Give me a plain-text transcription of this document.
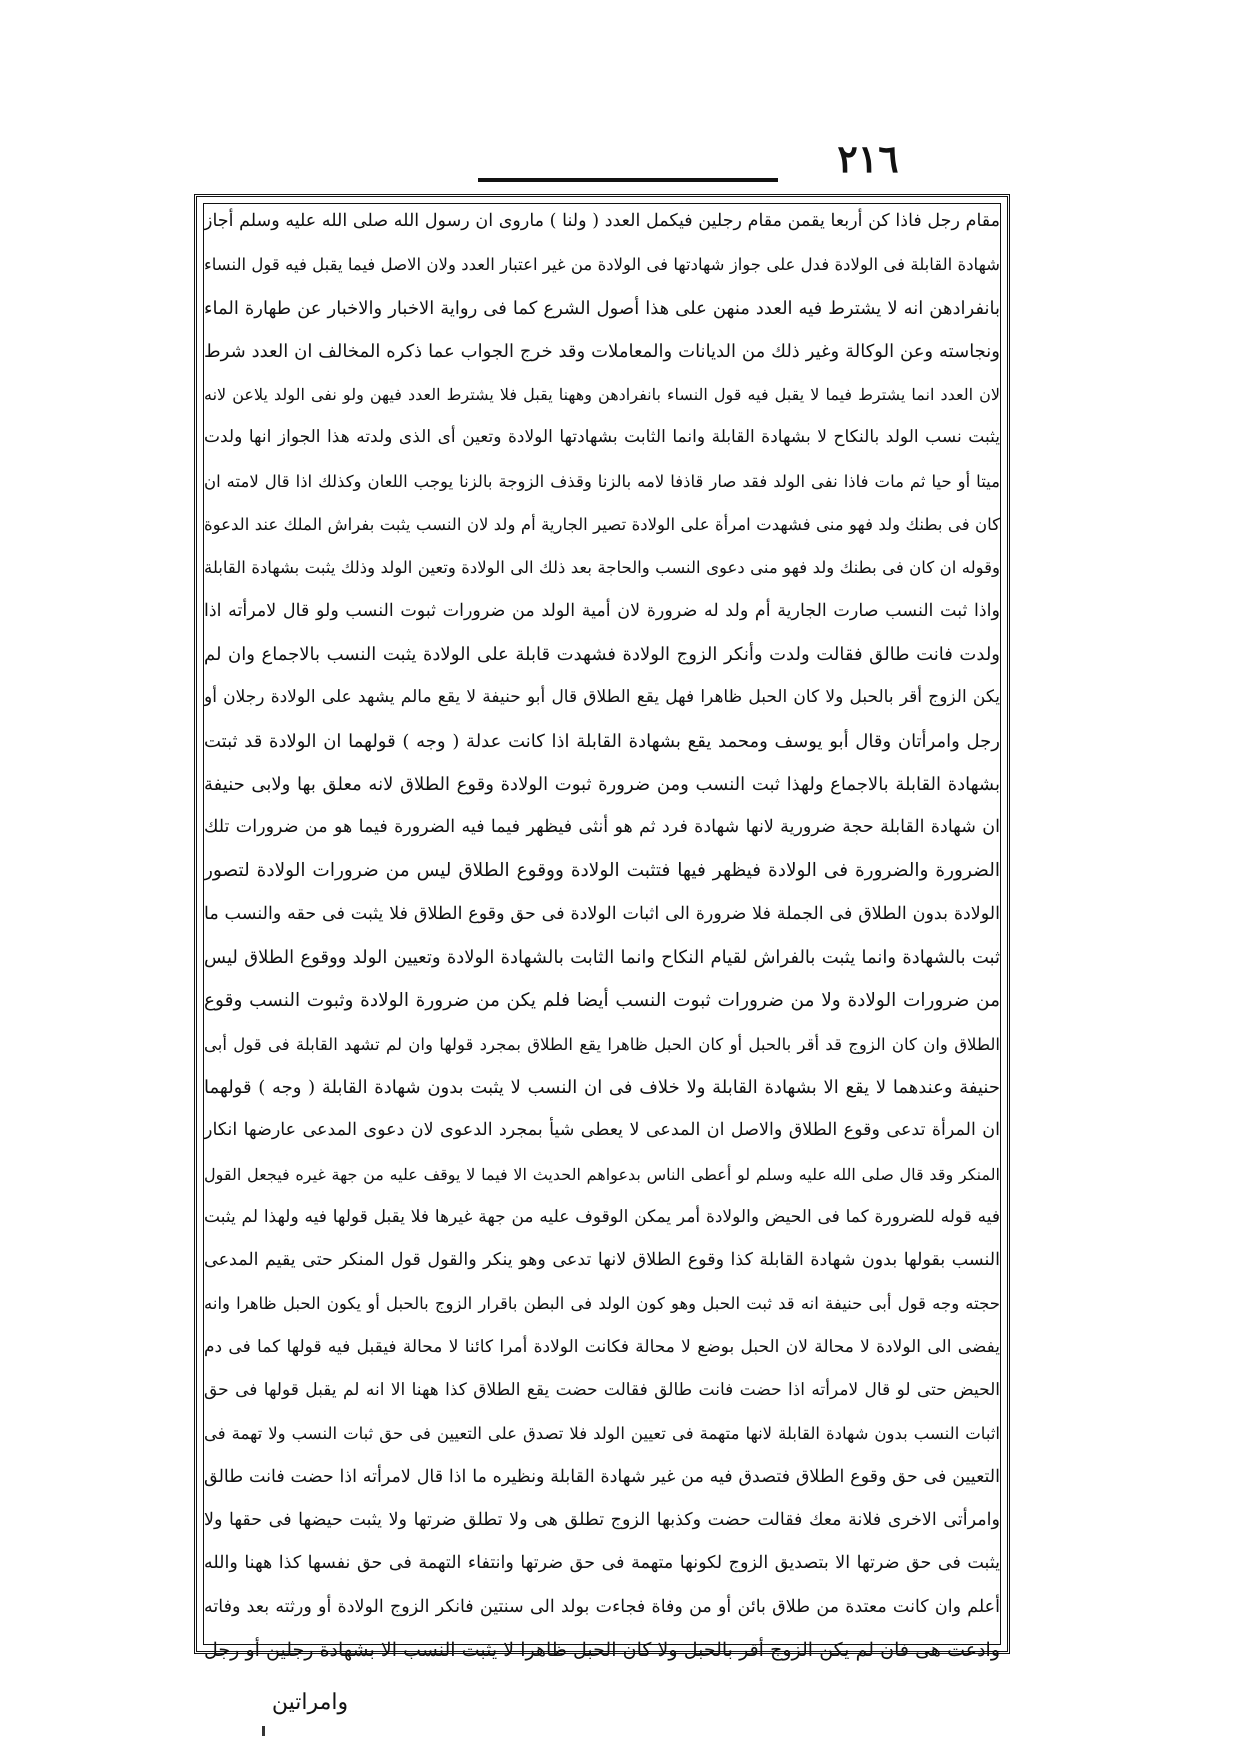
٢١٦
مقام رجل فاذا كن أربعا يقمن مقام رجلين فيكمل العدد ( ولنا ) ماروى ان رسول الله صلى الله عليه وسلم أجاز
شهادة القابلة فى الولادة فدل على جواز شهادتها فى الولادة من غير اعتبار العدد ولان الاصل فيما يقبل فيه قول النساء
بانفرادهن انه لا يشترط فيه العدد منهن على هذا أصول الشرع كما فى رواية الاخبار والاخبار عن طهارة الماء
ونجاسته وعن الوكالة وغير ذلك من الديانات والمعاملات وقد خرج الجواب عما ذكره المخالف ان العدد شرط
لان العدد انما يشترط فيما لا يقبل فيه قول النساء بانفرادهن وههنا يقبل فلا يشترط العدد فيهن ولو نفى الولد يلاعن لانه
يثبت نسب الولد بالنكاح لا بشهادة القابلة وانما الثابت بشهادتها الولادة وتعين أى الذى ولدته هذا الجواز انها ولدت
ميتا أو حيا ثم مات فاذا نفى الولد فقد صار قاذفا لامه بالزنا وقذف الزوجة بالزنا يوجب اللعان وكذلك اذا قال لامته ان
كان فى بطنك ولد فهو منى فشهدت امرأة على الولادة تصير الجارية أم ولد لان النسب يثبت بفراش الملك عند الدعوة
وقوله ان كان فى بطنك ولد فهو منى دعوى النسب والحاجة بعد ذلك الى الولادة وتعين الولد وذلك يثبت بشهادة القابلة
واذا ثبت النسب صارت الجارية أم ولد له ضرورة لان أمية الولد من ضرورات ثبوت النسب ولو قال لامرأته اذا
ولدت فانت طالق فقالت ولدت وأنكر الزوج الولادة فشهدت قابلة على الولادة يثبت النسب بالاجماع وان لم
يكن الزوج أقر بالحبل ولا كان الحبل ظاهرا فهل يقع الطلاق قال أبو حنيفة لا يقع مالم يشهد على الولادة رجلان أو
رجل وامرأتان وقال أبو يوسف ومحمد يقع بشهادة القابلة اذا كانت عدلة ( وجه ) قولهما ان الولادة قد ثبتت
بشهادة القابلة بالاجماع ولهذا ثبت النسب ومن ضرورة ثبوت الولادة وقوع الطلاق لانه معلق بها ولابى حنيفة
ان شهادة القابلة حجة ضرورية لانها شهادة فرد ثم هو أنثى فيظهر فيما فيه الضرورة فيما هو من ضرورات تلك
الضرورة والضرورة فى الولادة فيظهر فيها فتثبت الولادة ووقوع الطلاق ليس من ضرورات الولادة لتصور
الولادة بدون الطلاق فى الجملة فلا ضرورة الى اثبات الولادة فى حق وقوع الطلاق فلا يثبت فى حقه والنسب ما
ثبت بالشهادة وانما يثبت بالفراش لقيام النكاح وانما الثابت بالشهادة الولادة وتعيين الولد ووقوع الطلاق ليس
من ضرورات الولادة ولا من ضرورات ثبوت النسب أيضا فلم يكن من ضرورة الولادة وثبوت النسب وقوع
الطلاق وان كان الزوج قد أقر بالحبل أو كان الحبل ظاهرا يقع الطلاق بمجرد قولها وان لم تشهد القابلة فى قول أبى
حنيفة وعندهما لا يقع الا بشهادة القابلة ولا خلاف فى ان النسب لا يثبت بدون شهادة القابلة ( وجه ) قولهما
ان المرأة تدعى وقوع الطلاق والاصل ان المدعى لا يعطى شيأ بمجرد الدعوى لان دعوى المدعى عارضها انكار
المنكر وقد قال صلى الله عليه وسلم لو أعطى الناس بدعواهم الحديث الا فيما لا يوقف عليه من جهة غيره فيجعل القول
فيه قوله للضرورة كما فى الحيض والولادة أمر يمكن الوقوف عليه من جهة غيرها فلا يقبل قولها فيه ولهذا لم يثبت
النسب بقولها بدون شهادة القابلة كذا وقوع الطلاق لانها تدعى وهو ينكر والقول قول المنكر حتى يقيم المدعى
حجته وجه قول أبى حنيفة انه قد ثبت الحبل وهو كون الولد فى البطن باقرار الزوج بالحبل أو يكون الحبل ظاهرا وانه
يفضى الى الولادة لا محالة لان الحبل بوضع لا محالة فكانت الولادة أمرا كائنا لا محالة فيقبل فيه قولها كما فى دم
الحيض حتى لو قال لامرأته اذا حضت فانت طالق فقالت حضت يقع الطلاق كذا ههنا الا انه لم يقبل قولها فى حق
اثبات النسب بدون شهادة القابلة لانها متهمة فى تعيين الولد فلا تصدق على التعيين فى حق ثبات النسب ولا تهمة فى
التعيين فى حق وقوع الطلاق فتصدق فيه من غير شهادة القابلة ونظيره ما اذا قال لامرأته اذا حضت فانت طالق
وامرأتى الاخرى فلانة معك فقالت حضت وكذبها الزوج تطلق هى ولا تطلق ضرتها ولا يثبت حيضها فى حقها ولا
يثبت فى حق ضرتها الا بتصديق الزوج لكونها متهمة فى حق ضرتها وانتفاء التهمة فى حق نفسها كذا ههنا والله
أعلم وان كانت معتدة من طلاق بائن أو من وفاة فجاءت بولد الى سنتين فانكر الزوج الولادة أو ورثته بعد وفاته
وادعت هى فان لم يكن الزوج أقر بالحبل ولا كان الحبل ظاهرا لا يثبت النسب الا بشهادة رجلين أو رجل
وامراتين
